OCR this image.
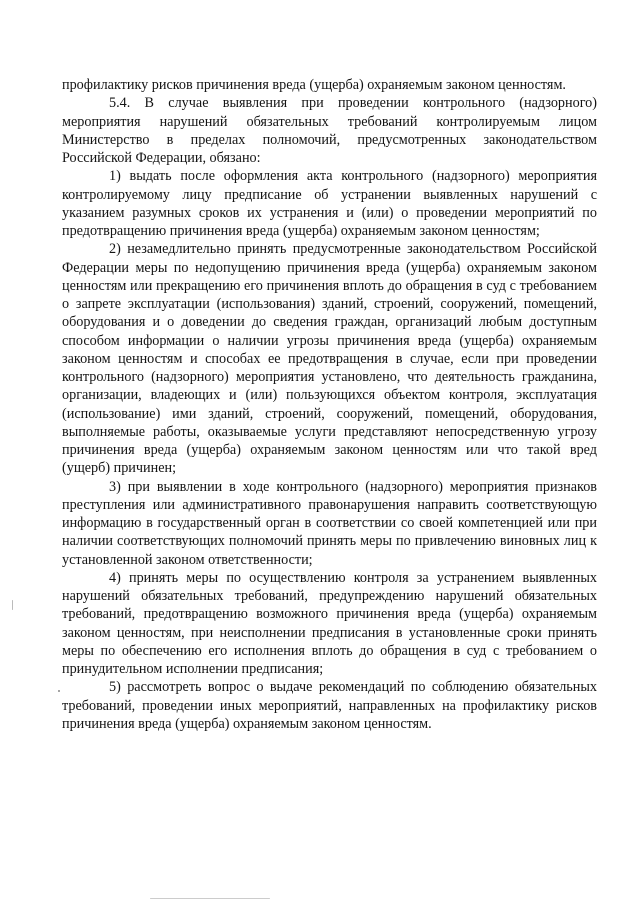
профилактику рисков причинения вреда (ущерба) охраняемым законом ценностям.

5.4. В случае выявления при проведении контрольного (надзорного) мероприятия нарушений обязательных требований контролируемым лицом Министерство в пределах полномочий, предусмотренных законодательством Российской Федерации, обязано:

1) выдать после оформления акта контрольного (надзорного) мероприятия контролируемому лицу предписание об устранении выявленных нарушений с указанием разумных сроков их устранения и (или) о проведении мероприятий по предотвращению причинения вреда (ущерба) охраняемым законом ценностям;

2) незамедлительно принять предусмотренные законодательством Российской Федерации меры по недопущению причинения вреда (ущерба) охраняемым законом ценностям или прекращению его причинения вплоть до обращения в суд с требованием о запрете эксплуатации (использования) зданий, строений, сооружений, помещений, оборудования и о доведении до сведения граждан, организаций любым доступным способом информации о наличии угрозы причинения вреда (ущерба) охраняемым законом ценностям и способах ее предотвращения в случае, если при проведении контрольного (надзорного) мероприятия установлено, что деятельность гражданина, организации, владеющих и (или) пользующихся объектом контроля, эксплуатация (использование) ими зданий, строений, сооружений, помещений, оборудования, выполняемые работы, оказываемые услуги представляют непосредственную угрозу причинения вреда (ущерба) охраняемым законом ценностям или что такой вред (ущерб) причинен;

3) при выявлении в ходе контрольного (надзорного) мероприятия признаков преступления или административного правонарушения направить соответствующую информацию в государственный орган в соответствии со своей компетенцией или при наличии соответствующих полномочий принять меры по привлечению виновных лиц к установленной законом ответственности;

4) принять меры по осуществлению контроля за устранением выявленных нарушений обязательных требований, предупреждению нарушений обязательных требований, предотвращению возможного причинения вреда (ущерба) охраняемым законом ценностям, при неисполнении предписания в установленные сроки принять меры по обеспечению его исполнения вплоть до обращения в суд с требованием о принудительном исполнении предписания;

5) рассмотреть вопрос о выдаче рекомендаций по соблюдению обязательных требований, проведении иных мероприятий, направленных на профилактику рисков причинения вреда (ущерба) охраняемым законом ценностям.
